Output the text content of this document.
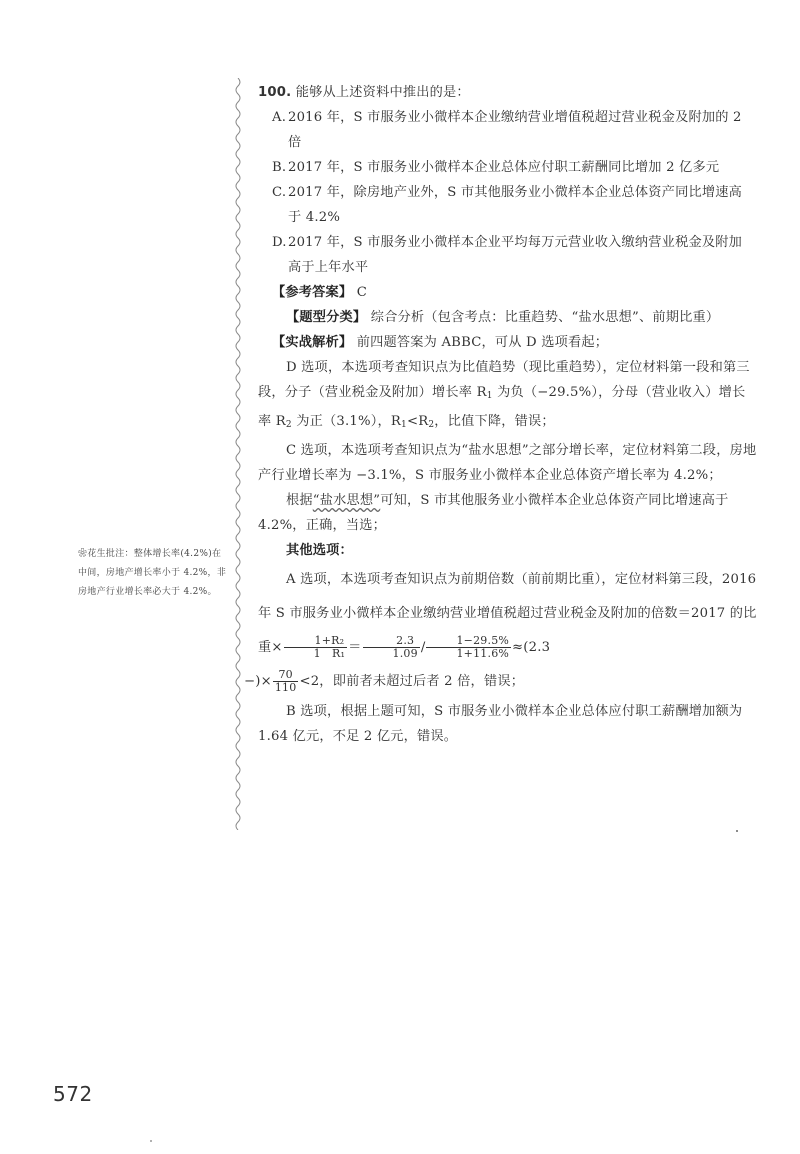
100. 能够从上述资料中推出的是：

A. 2016 年，S 市服务业小微样本企业缴纳营业增值税超过营业税金及附加的 2 倍

B. 2017 年，S 市服务业小微样本企业总体应付职工薪酬同比增加 2 亿多元

C. 2017 年，除房地产业外，S 市其他服务业小微样本企业总体资产同比增速高于 4.2%

D.2017 年，S 市服务业小微样本企业平均每万元营业收入缴纳营业税金及附加高于上年水平

【参考答案】 C

【题型分类】 综合分析（包含考点：比重趋势、“盐水思想”、前期比重）

【实战解析】 前四题答案为 ABBC，可从 D 选项看起；

D 选项，本选项考查知识点为比值趋势（现比重趋势），定位材料第一段和第三段，分子（营业税金及附加）增长率 $R_1$ 为负（−29.5%），分母（营业收入）增长率 $R_2$ 为正（3.1%），$R_1<R_2$，比值下降，错误；

C 选项，本选项考查知识点为“盐水思想”之部分增长率，定位材料第二段，房地产行业增长率为 −3.1%，S 市服务业小微样本企业总体资产增长率为 4.2%；

根据“盐水思想”可知，S 市其他服务业小微样本企业总体资产同比增速高于 4.2%，正确，当选；

其他选项：

A 选项，本选项考查知识点为前期倍数（前前期比重），定位材料第三段，2016 年 S 市服务业小微样本企业缴纳营业增值税超过营业税金及附加的倍数＝2017 的比重× $\frac{\text{1+R₂}}{\text{1  R₁}} = \frac{2.3}{1.09} / \frac{1-29.5\%}{1+11.6\%} \approx(2.3$

−)× $\frac{70}{110} <2$，即前者未超过后者 2 倍，错误；

B 选项，根据上题可知，S 市服务业小微样本企业总体应付职工薪酬增加额为 1.64 亿元，不足 2 亿元，错误。

❀花生批注：整体增长率(4.2%)在中间，房地产增长率小于 4.2%，非房地产行业增长率必大于 4.2%。
572
